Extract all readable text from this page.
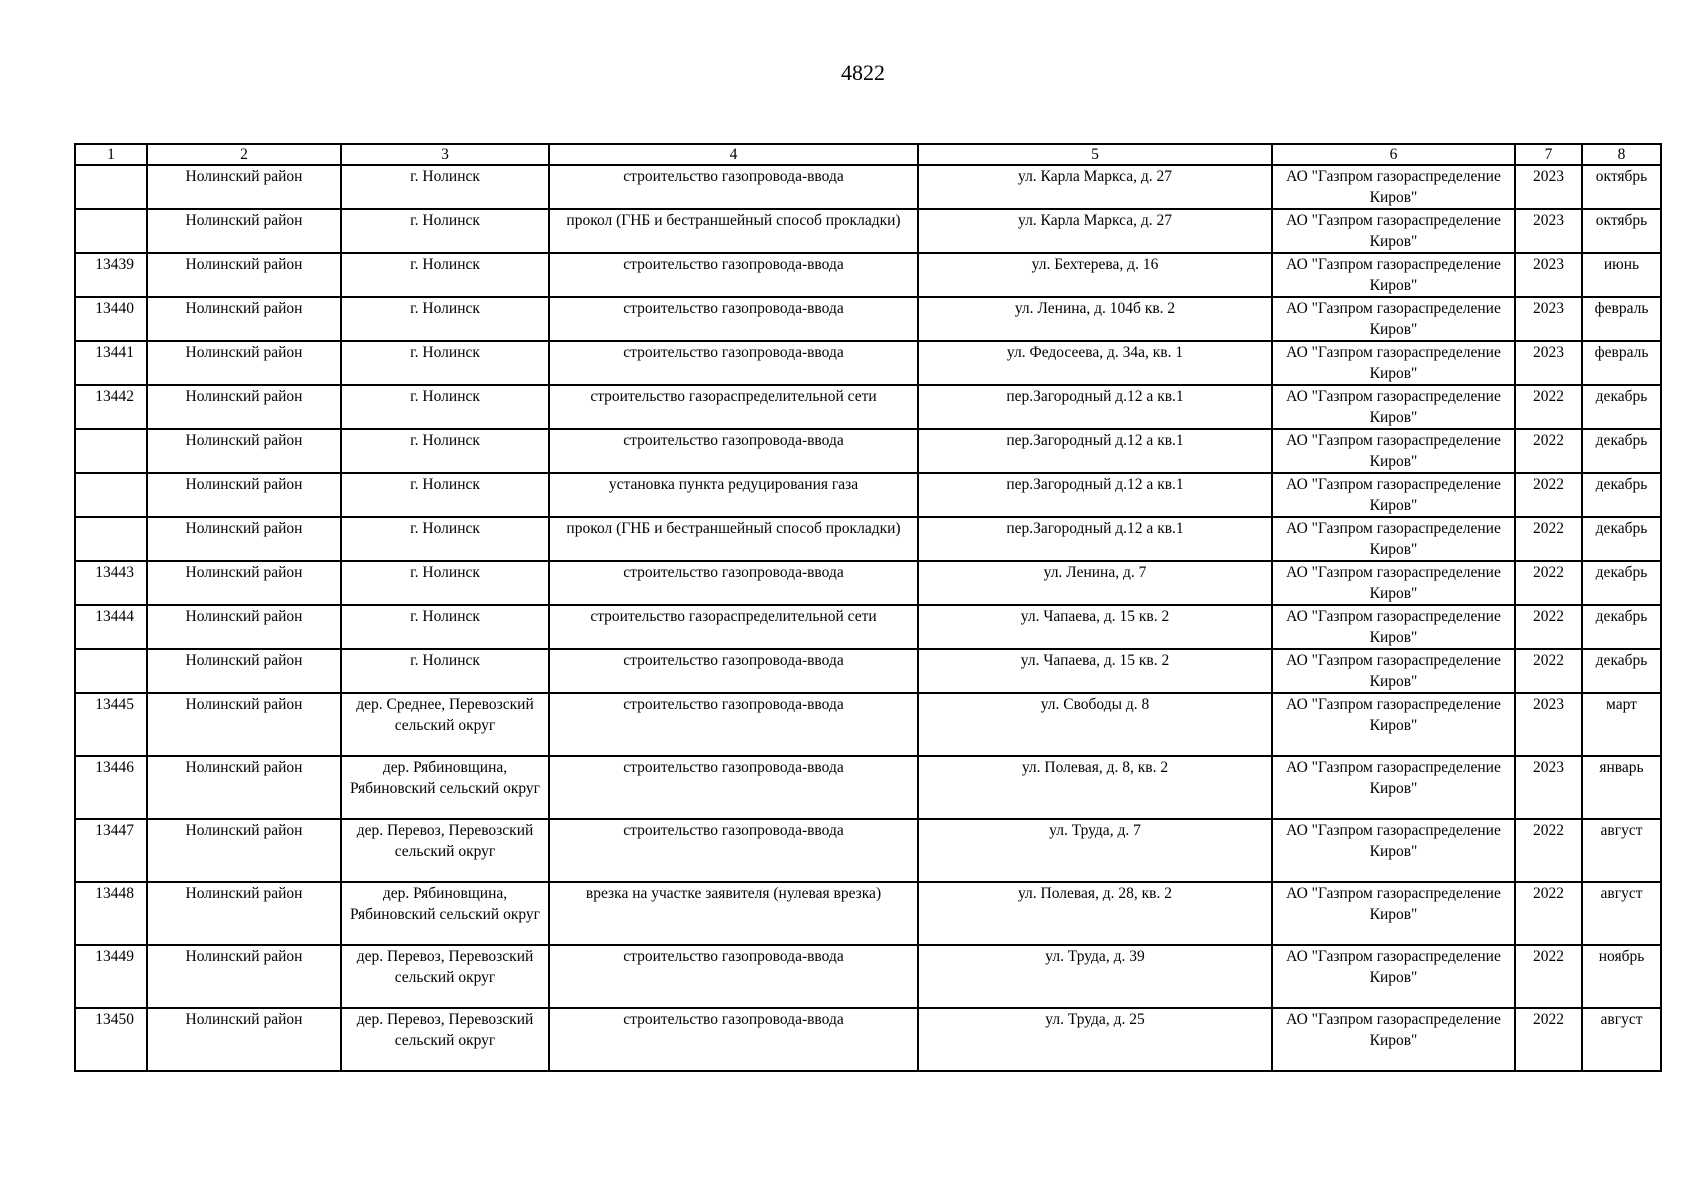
4822
1	2	3	4	5	6	7	8
	Нолинский район	г. Нолинск	строительство газопровода-ввода	ул. Карла Маркса, д. 27	АО "Газпром газораспределение Киров"	2023	октябрь
	Нолинский район	г. Нолинск	прокол (ГНБ и бестраншейный способ прокладки)	ул. Карла Маркса, д. 27	АО "Газпром газораспределение Киров"	2023	октябрь
13439	Нолинский район	г. Нолинск	строительство газопровода-ввода	ул. Бехтерева, д. 16	АО "Газпром газораспределение Киров"	2023	июнь
13440	Нолинский район	г. Нолинск	строительство газопровода-ввода	ул. Ленина, д. 104б кв. 2	АО "Газпром газораспределение Киров"	2023	февраль
13441	Нолинский район	г. Нолинск	строительство газопровода-ввода	ул. Федосеева, д. 34а, кв. 1	АО "Газпром газораспределение Киров"	2023	февраль
13442	Нолинский район	г. Нолинск	строительство газораспределительной сети	пер.Загородный д.12 а кв.1	АО "Газпром газораспределение Киров"	2022	декабрь
	Нолинский район	г. Нолинск	строительство газопровода-ввода	пер.Загородный д.12 а кв.1	АО "Газпром газораспределение Киров"	2022	декабрь
	Нолинский район	г. Нолинск	установка пункта редуцирования газа	пер.Загородный д.12 а кв.1	АО "Газпром газораспределение Киров"	2022	декабрь
	Нолинский район	г. Нолинск	прокол (ГНБ и бестраншейный способ прокладки)	пер.Загородный д.12 а кв.1	АО "Газпром газораспределение Киров"	2022	декабрь
13443	Нолинский район	г. Нолинск	строительство газопровода-ввода	ул. Ленина, д. 7	АО "Газпром газораспределение Киров"	2022	декабрь
13444	Нолинский район	г. Нолинск	строительство газораспределительной сети	ул. Чапаева, д. 15 кв. 2	АО "Газпром газораспределение Киров"	2022	декабрь
	Нолинский район	г. Нолинск	строительство газопровода-ввода	ул. Чапаева, д. 15 кв. 2	АО "Газпром газораспределение Киров"	2022	декабрь
13445	Нолинский район	дер. Среднее, Перевозский сельский округ	строительство газопровода-ввода	ул. Свободы д. 8	АО "Газпром газораспределение Киров"	2023	март
13446	Нолинский район	дер. Рябиновщина, Рябиновский сельский округ	строительство газопровода-ввода	ул. Полевая, д. 8, кв. 2	АО "Газпром газораспределение Киров"	2023	январь
13447	Нолинский район	дер. Перевоз, Перевозский сельский округ	строительство газопровода-ввода	ул. Труда, д. 7	АО "Газпром газораспределение Киров"	2022	август
13448	Нолинский район	дер. Рябиновщина, Рябиновский сельский округ	врезка на участке заявителя (нулевая врезка)	ул. Полевая, д. 28, кв. 2	АО "Газпром газораспределение Киров"	2022	август
13449	Нолинский район	дер. Перевоз, Перевозский сельский округ	строительство газопровода-ввода	ул. Труда, д. 39	АО "Газпром газораспределение Киров"	2022	ноябрь
13450	Нолинский район	дер. Перевоз, Перевозский сельский округ	строительство газопровода-ввода	ул. Труда, д. 25	АО "Газпром газораспределение Киров"	2022	август
